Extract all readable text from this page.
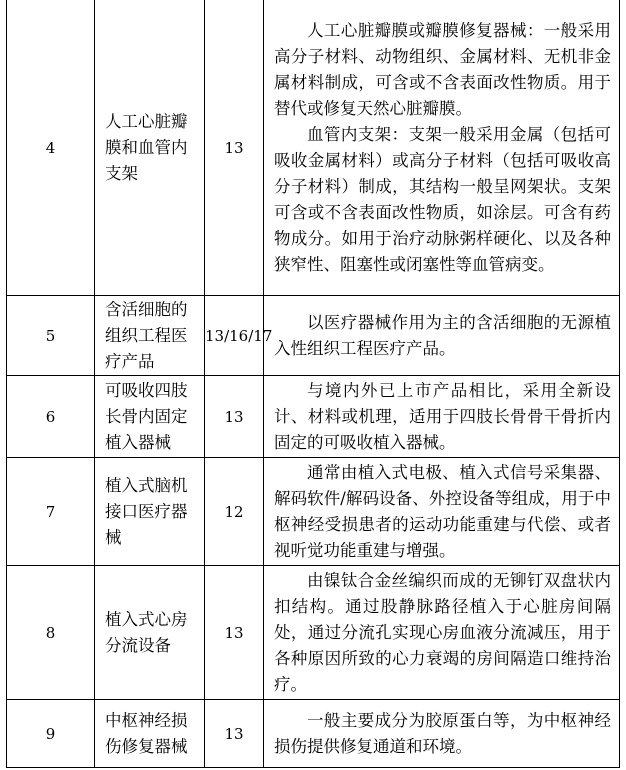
4	人工心脏瓣膜和血管内支架	13	人工心脏瓣膜或瓣膜修复器械：一般采用高分子材料、动物组织、金属材料、无机非金属材料制成，可含或不含表面改性物质。用于替代或修复天然心脏瓣膜。

血管内支架：支架一般采用金属（包括可吸收金属材料）或高分子材料（包括可吸收高分子材料）制成，其结构一般呈网架状。支架可含或不含表面改性物质，如涂层。可含有药物成分。如用于治疗动脉粥样硬化、以及各种狭窄性、阻塞性或闭塞性等血管病变。

5	含活细胞的组织工程医疗产品	13/16/17	以医疗器械作用为主的含活细胞的无源植入性组织工程医疗产品。

6	可吸收四肢长骨内固定植入器械	13	与境内外已上市产品相比，采用全新设计、材料或机理，适用于四肢长骨骨干骨折内固定的可吸收植入器械。

7	植入式脑机接口医疗器械	12	通常由植入式电极、植入式信号采集器、解码软件/解码设备、外控设备等组成，用于中枢神经受损患者的运动功能重建与代偿、或者视听觉功能重建与增强。

8	植入式心房分流设备	13	由镍钛合金丝编织而成的无铆钉双盘状内扣结构。通过股静脉路径植入于心脏房间隔处，通过分流孔实现心房血液分流减压，用于各种原因所致的心力衰竭的房间隔造口维持治疗。

9	中枢神经损伤修复器械	13	一般主要成分为胶原蛋白等，为中枢神经损伤提供修复通道和环境。
